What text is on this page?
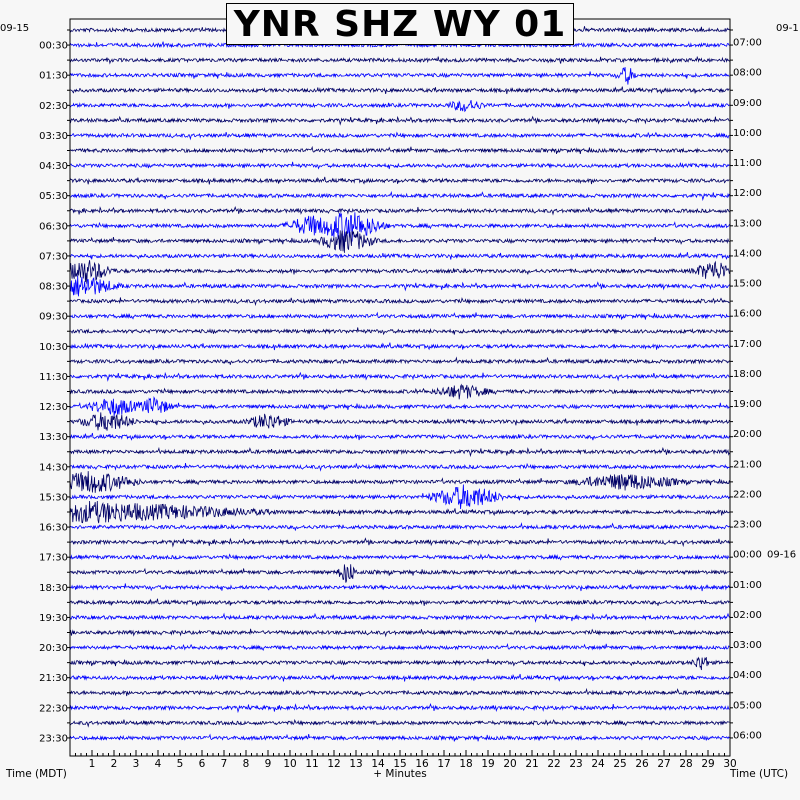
1 2 3 4 5 6 7 8 9 10 11 12 13 14 15 16 17 18 19 20 21 22 23 24 25 26 27 28 29 30
00:30
01:30
02:30
03:30
04:30
05:30
06:30
07:30
08:30
09:30
10:30
11:30
12:30
13:30
14:30
15:30
16:30
17:30
18:30
19:30
20:30
21:30
22:30
23:30
07:00
08:00
09:00
10:00
11:00
12:00
13:00
14:00
15:00
16:00
17:00
18:00
19:00
20:00
21:00
22:00
23:00
00:00 09-16
01:00
02:00
03:00
04:00
05:00
06:00
09-15	09-1
Time (MDT)	+ Minutes	Time (UTC)
YNR SHZ WY 01
